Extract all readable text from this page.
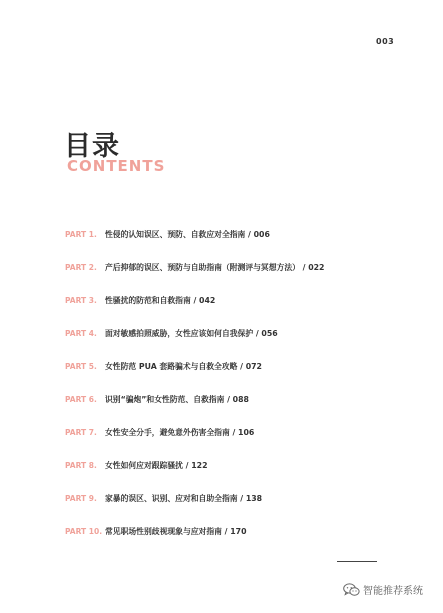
003
目录
CONTENTS
PART 1.	性侵的认知误区、预防、自救应对全指南 / 006
PART 2.	产后抑郁的误区、预防与自助指南（附测评与冥想方法） / 022
PART 3.	性骚扰的防范和自救指南 / 042
PART 4.	面对敏感拍照威胁，女性应该如何自我保护 / 056
PART 5.	女性防范 PUA 套路骗术与自救全攻略 / 072
PART 6.	识别“骗炮”和女性防范、自救指南 / 088
PART 7.	女性安全分手，避免意外伤害全指南 / 106
PART 8.	女性如何应对跟踪骚扰 / 122
PART 9.	家暴的误区、识别、应对和自助全指南 / 138
PART 10. 常见职场性别歧视现象与应对指南 / 170
智能推荐系统
